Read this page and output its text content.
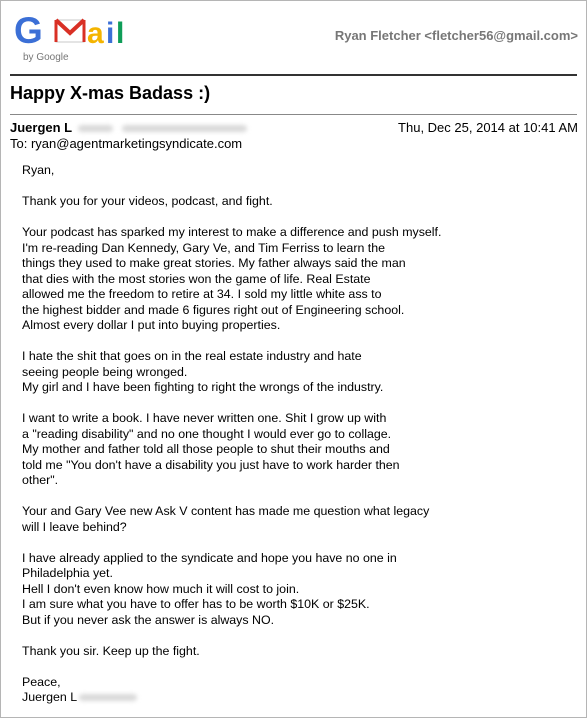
G a i l
by Google
Ryan Fletcher <fletcher56@gmail.com>
Happy X-mas Badass :)
Juergen L	Thu, Dec 25, 2014 at 10:41 AM
To: ryan@agentmarketingsyndicate.com
Ryan,
Thank you for your videos, podcast, and fight.
Your podcast has sparked my interest to make a difference and push myself.
I'm re-reading Dan Kennedy, Gary Ve, and Tim Ferriss to learn the
things they used to make great stories. My father always said the man
that dies with the most stories won the game of life. Real Estate
allowed me the freedom to retire at 34. I sold my little white ass to
the highest bidder and made 6 figures right out of Engineering school.
Almost every dollar I put into buying properties.
I hate the shit that goes on in the real estate industry and hate
seeing people being wronged.
My girl and I have been fighting to right the wrongs of the industry.
I want to write a book. I have never written one. Shit I grow up with
a "reading disability" and no one thought I would ever go to collage.
My mother and father told all those people to shut their mouths and
told me "You don't have a disability you just have to work harder then
other".
Your and Gary Vee new Ask V content has made me question what legacy
will I leave behind?
I have already applied to the syndicate and hope you have no one in
Philadelphia yet.
Hell I don't even know how much it will cost to join.
I am sure what you have to offer has to be worth $10K or $25K.
But if you never ask the answer is always NO.
Thank you sir. Keep up the fight.
Peace,
Juergen L
